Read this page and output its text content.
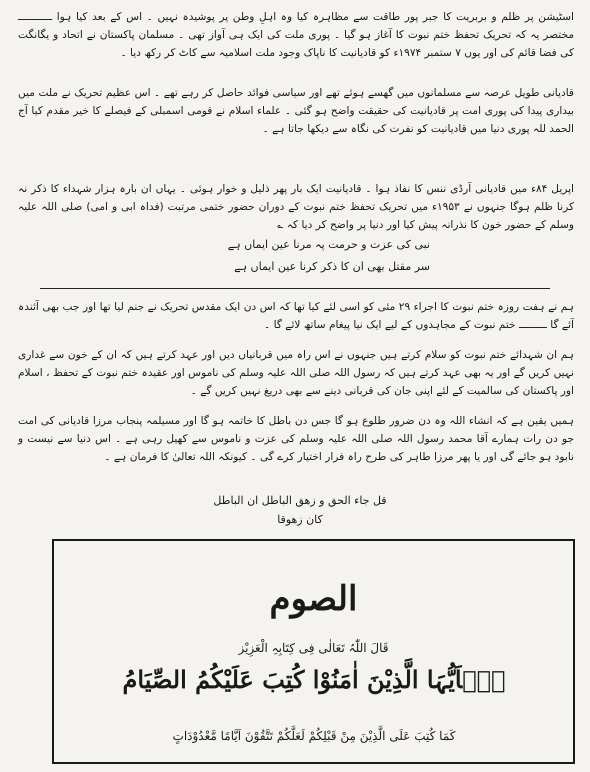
اسٹیشن پر ظلم و بربریت کا جبر پور طاقت سے مظاہرہ کیا وہ اہلِ وطن پر پوشیدہ نہیں ۔ اس کے بعد کیا ہوا ـــــــــــ مختصر یہ کہ تحریک تحفظ ختم نبوت کا آغاز ہو گیا ۔ پوری ملت کی ایک ہی آواز تھی ۔ مسلمان پاکستان نے اتحاد و یگانگت کی فضا قائم کی اور یوں ۷ ستمبر ۱۹۷۴ء کو قادیانیت کا ناپاک وجود ملت اسلامیہ سے کاٹ کر رکھ دیا ۔
قادیانی طویل عرصہ سے مسلمانوں میں گھسے ہوئے تھے اور سیاسی فوائد حاصل کر رہے تھے ۔ اس عظیم تحریک نے ملت میں بیداری پیدا کی پوری امت پر قادیانیت کی حقیقت واضح ہو گئی ۔ علماء اسلام نے قومی اسمبلی کے فیصلے کا خیر مقدم کیا آج الحمد للہ پوری دنیا میں قادیانیت کو نفرت کی نگاہ سے دیکھا جاتا ہے ۔
اپریل ۸۴ء میں قادیانی آرڈی ننس کا نفاذ ہوا ۔ قادیانیت ایک بار پھر ذلیل و خوار ہوئی ۔ یہاں ان بارہ ہزار شہداء کا ذکر نہ کرنا ظلم ہوگا جنہوں نے ۱۹۵۳ء میں تحریک تحفظ ختم نبوت کے دوران حضور ختمی مرتبت (فداہ ابی و امی) صلی اللہ علیہ وسلم کے حضور خون کا نذرانہ پیش کیا اور دنیا پر واضح کر دیا کہ ؎
نبی کی عزت و حرمت پہ مرنا عین ایماں ہے
سر مقتل بھی ان کا ذکر کرنا عین ایماں ہے
ہم نے ہفت روزہ ختم نبوت کا اجراء ۲۹ مئی کو اسی لئے کیا تھا کہ اس دن ایک مقدس تحریک نے جنم لیا تھا اور جب بھی آئندہ آئے گا ـــــــــ ختم نبوت کے مجاہدوں کے لیے ایک نیا پیغام ساتھ لائے گا ۔
ہم ان شہدائے ختم نبوت کو سلام کرتے ہیں جنہوں نے اس راہ میں قربانیاں دیں اور عہد کرتے ہیں کہ ان کے خون سے غداری نہیں کریں گے اور یہ بھی عہد کرتے ہیں کہ رسول اللہ صلی اللہ علیہ وسلم کی ناموس اور عقیدہ ختم نبوت کے تحفظ ، اسلام اور پاکستان کی سالمیت کے لئے اپنی جان کی قربانی دینے سے بھی دریغ نہیں کریں گے ۔
ہمیں یقین ہے کہ انشاء اللہ وہ دن ضرور طلوع ہو گا جس دن باطل کا خاتمہ ہو گا اور مسیلمہ پنجاب مرزا قادیانی کی امت جو دن رات ہمارے آقا محمد رسول اللہ صلی اللہ علیہ وسلم کی عزت و ناموس سے کھیل رہی ہے ۔ اس دنیا سے نیست و نابود ہو جائے گی اور یا پھر مرزا طاہر کی طرح راہ فرار اختیار کرے گی ۔ کیونکہ اللہ تعالیٰ کا فرمان ہے ۔
قل جاء الحق و زھق الباطل ان الباطل
کان زھوقا
الصوم
قَالَ اللّٰہُ تَعَالٰی فِی کِتَابِہِ الْعَزِیْز
یٰۤاَیُّہَا الَّذِیْنَ اٰمَنُوْا کُتِبَ عَلَیْکُمُ الصِّیَامُ
کَمَا کُتِبَ عَلَی الَّذِیْنَ مِنْ قَبْلِکُمْ لَعَلَّکُمْ تَتَّقُوْنَ اَیَّامًا مَّعْدُوْدَاتٍ
